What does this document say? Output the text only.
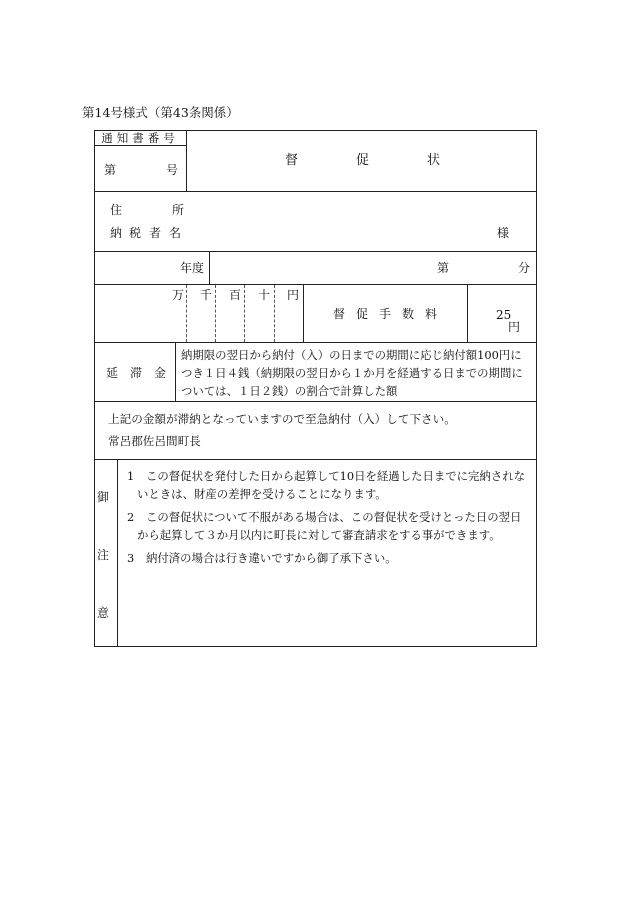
第14号様式（第43条関係）
通知書番号
第	号
督	促	状
住	所
納 税 者 名	様
年度	第	分
万 千 百 十 円
督 促 手 数 料	25
円
延 滞 金
納期限の翌日から納付（入）の日までの期間に応じ納付額100円に
つき１日４銭（納期限の翌日から１か月を経過する日までの期間に
ついては、１日２銭）の割合で計算した額
上記の金額が滞納となっていますので至急納付（入）して下さい。
常呂郡佐呂間町長
御
注
意
1 この督促状を発付した日から起算して10日を経過した日までに完納されな
いときは、財産の差押を受けることになります。
2 この督促状について不服がある場合は、この督促状を受けとった日の翌日
から起算して３か月以内に町長に対して審査請求をする事ができます。
3 納付済の場合は行き違いですから御了承下さい。
